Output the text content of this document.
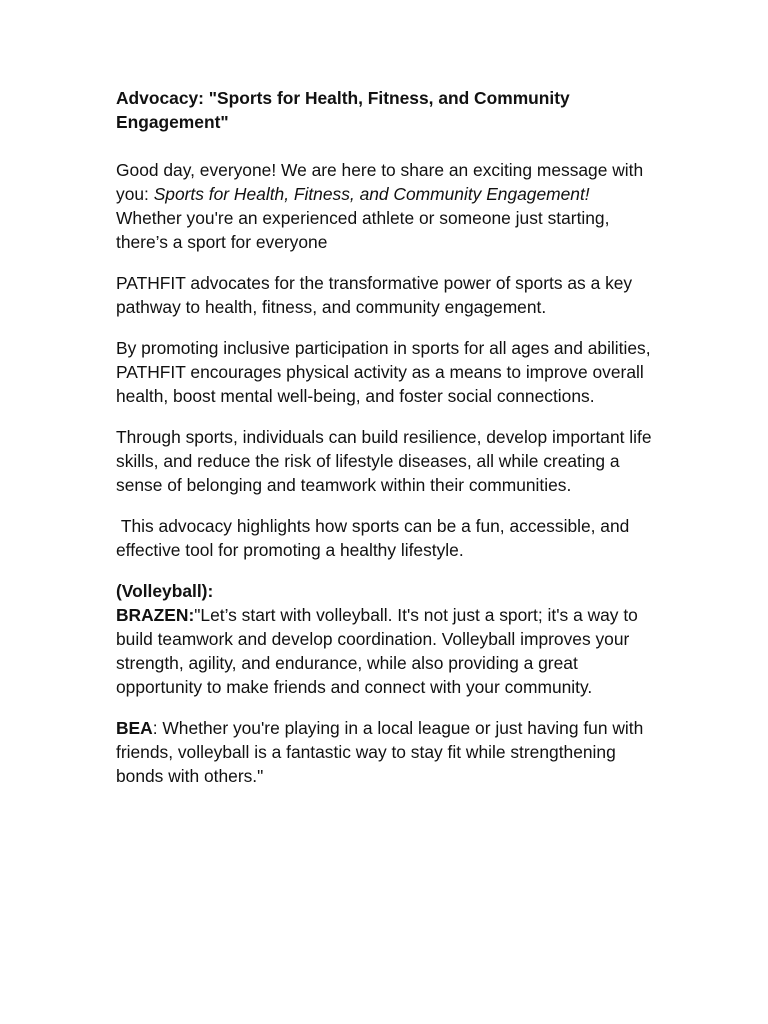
Advocacy: "Sports for Health, Fitness, and Community Engagement"

Good day, everyone! We are here to share an exciting message with you: Sports for Health, Fitness, and Community Engagement! Whether you're an experienced athlete or someone just starting, there’s a sport for everyone

PATHFIT advocates for the transformative power of sports as a key pathway to health, fitness, and community engagement.

By promoting inclusive participation in sports for all ages and abilities, PATHFIT encourages physical activity as a means to improve overall health, boost mental well-being, and foster social connections.

Through sports, individuals can build resilience, develop important life skills, and reduce the risk of lifestyle diseases, all while creating a sense of belonging and teamwork within their communities.

This advocacy highlights how sports can be a fun, accessible, and effective tool for promoting a healthy lifestyle.

(Volleyball):

BRAZEN:"Let’s start with volleyball. It's not just a sport; it's a way to build teamwork and develop coordination. Volleyball improves your strength, agility, and endurance, while also providing a great opportunity to make friends and connect with your community.

BEA: Whether you're playing in a local league or just having fun with friends, volleyball is a fantastic way to stay fit while strengthening bonds with others."
